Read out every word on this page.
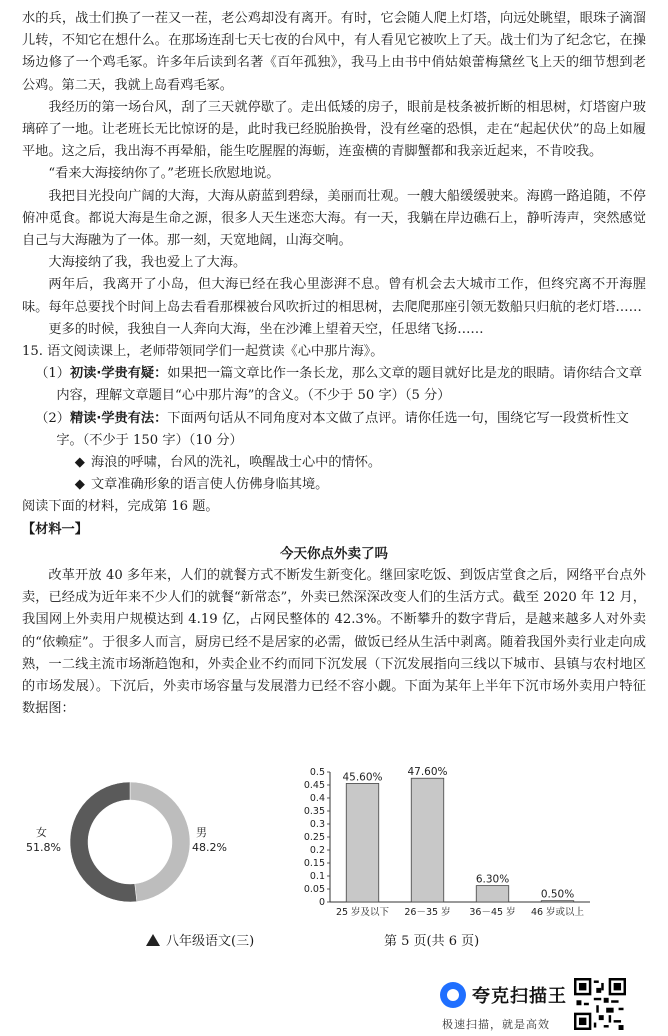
水的兵，战士们换了一茬又一茬，老公鸡却没有离开。有时，它会随人爬上灯塔，向远处眺望，眼珠子滴溜儿转，不知它在想什么。在那场连刮七天七夜的台风中，有人看见它被吹上了天。战士们为了纪念它，在操场边修了一个鸡毛冢。许多年后读到名著《百年孤独》，我马上由书中俏姑娘蕾梅黛丝飞上天的细节想到老公鸡。第二天，我就上岛看鸡毛冢。

我经历的第一场台风，刮了三天就停歇了。走出低矮的房子，眼前是枝条被折断的相思树，灯塔窗户玻璃碎了一地。让老班长无比惊讶的是，此时我已经脱胎换骨，没有丝毫的恐惧，走在“起起伏伏”的岛上如履平地。这之后，我出海不再晕船，能生吃腥腥的海蛎，连蛮横的青脚蟹都和我亲近起来，不肯咬我。

“看来大海接纳你了。”老班长欣慰地说。

我把目光投向广阔的大海，大海从蔚蓝到碧绿，美丽而壮观。一艘大船缓缓驶来。海鸥一路追随，不停俯冲觅食。都说大海是生命之源，很多人天生迷恋大海。有一天，我躺在岸边礁石上，静听涛声，突然感觉自己与大海融为了一体。那一刻，天宽地阔，山海交响。

大海接纳了我，我也爱上了大海。

两年后，我离开了小岛，但大海已经在我心里澎湃不息。曾有机会去大城市工作，但终究离不开海腥味。每年总要找个时间上岛去看看那棵被台风吹折过的相思树，去爬爬那座引领无数船只归航的老灯塔……

更多的时候，我独自一人奔向大海，坐在沙滩上望着天空，任思绪飞扬……

15. 语文阅读课上，老师带领同学们一起赏读《心中那片海》。

（1）初读·学贵有疑：如果把一篇文章比作一条长龙，那么文章的题目就好比是龙的眼睛。请你结合文章内容，理解文章题目“心中那片海”的含义。（不少于 50 字）（5 分）

（2）精读·学贵有法：下面两句话从不同角度对本文做了点评。请你任选一句，围绕它写一段赏析性文字。（不少于 150 字）（10 分）

◆ 海浪的呼啸，台风的洗礼，唤醒战士心中的情怀。

◆ 文章准确形象的语言使人仿佛身临其境。

阅读下面的材料，完成第 16 题。

【材料一】

今天你点外卖了吗

改革开放 40 多年来，人们的就餐方式不断发生新变化。继回家吃饭、到饭店堂食之后，网络平台点外卖，已经成为近年来不少人们的就餐“新常态”，外卖已然深深改变人们的生活方式。截至 2020 年 12 月，我国网上外卖用户规模达到 4.19 亿，占网民整体的 42.3%。不断攀升的数字背后，是越来越多人对外卖的“依赖症”。于很多人而言，厨房已经不是居家的必需，做饭已经从生活中剥离。随着我国外卖行业走向成熟，一二线主流市场渐趋饱和，外卖企业不约而同下沉发展（下沉发展指向三线以下城市、县镇与农村地区的市场发展）。下沉后，外卖市场容量与发展潜力已经不容小觑。下面为某年上半年下沉市场外卖用户特征数据图：

女
51.8%
男
48.2%
0
0.05
0.1
0.15
0.2
0.25
0.3
0.35
0.4
0.45
0.5 45.60%
25 岁及以下
47.60%
26－35 岁
6.30%
36－45 岁
0.50%
46 岁或以上
八年级语文(三)	第 5 页(共 6 页)
夸克扫描王
极速扫描，就是高效
